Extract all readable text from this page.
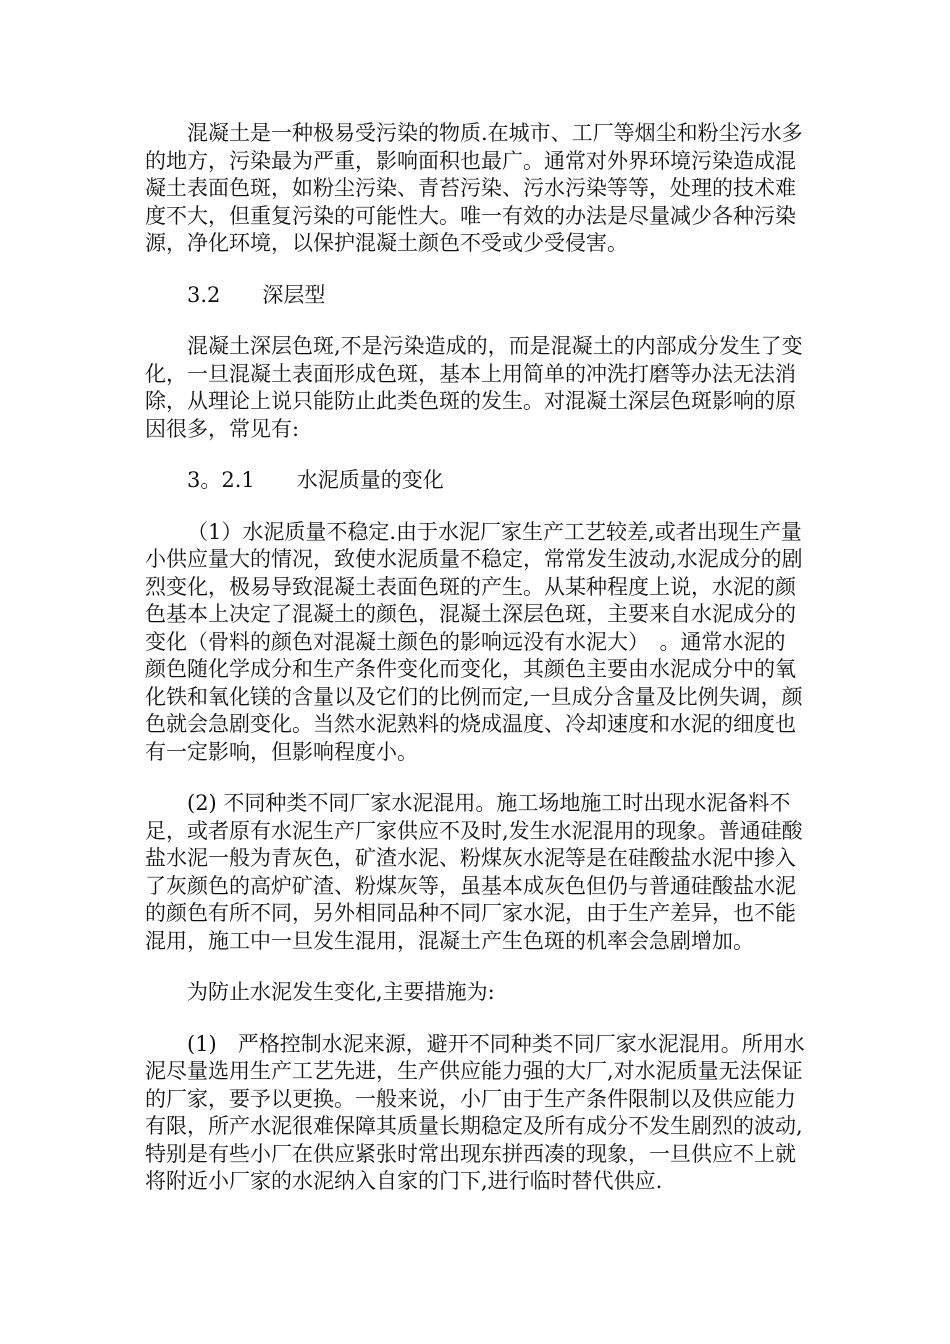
混凝土是一种极易受污染的物质.在城市、工厂等烟尘和粉尘污水多的地方，污染最为严重，影响面积也最广。通常对外界环境污染造成混凝土表面色斑，如粉尘污染、青苔污染、污水污染等等，处理的技术难度不大，但重复污染的可能性大。唯一有效的办法是尽量减少各种污染源，净化环境，以保护混凝土颜色不受或少受侵害。

3.2　　深层型

混凝土深层色斑,不是污染造成的，而是混凝土的内部成分发生了变化，一旦混凝土表面形成色斑，基本上用简单的冲洗打磨等办法无法消除，从理论上说只能防止此类色斑的发生。对混凝土深层色斑影响的原因很多，常见有:

3。2.1　　水泥质量的变化

（1）水泥质量不稳定.由于水泥厂家生产工艺较差,或者出现生产量小供应量大的情况，致使水泥质量不稳定，常常发生波动,水泥成分的剧烈变化，极易导致混凝土表面色斑的产生。从某种程度上说，水泥的颜色基本上决定了混凝土的颜色，混凝土深层色斑，主要来自水泥成分的变化（骨料的颜色对混凝土颜色的影响远没有水泥大）　。通常水泥的颜色随化学成分和生产条件变化而变化，其颜色主要由水泥成分中的氧化铁和氧化镁的含量以及它们的比例而定,一旦成分含量及比例失调，颜色就会急剧变化。当然水泥熟料的烧成温度、冷却速度和水泥的细度也有一定影响，但影响程度小。

(2) 不同种类不同厂家水泥混用。施工场地施工时出现水泥备料不足，或者原有水泥生产厂家供应不及时,发生水泥混用的现象。普通硅酸盐水泥一般为青灰色，矿渣水泥、粉煤灰水泥等是在硅酸盐水泥中掺入了灰颜色的高炉矿渣、粉煤灰等，虽基本成灰色但仍与普通硅酸盐水泥的颜色有所不同，另外相同品种不同厂家水泥，由于生产差异，也不能混用，施工中一旦发生混用，混凝土产生色斑的机率会急剧增加。

为防止水泥发生变化,主要措施为:

(1)　严格控制水泥来源，避开不同种类不同厂家水泥混用。所用水泥尽量选用生产工艺先进，生产供应能力强的大厂,对水泥质量无法保证的厂家，要予以更换。一般来说，小厂由于生产条件限制以及供应能力有限，所产水泥很难保障其质量长期稳定及所有成分不发生剧烈的波动,特别是有些小厂在供应紧张时常出现东拼西凑的现象，一旦供应不上就将附近小厂家的水泥纳入自家的门下,进行临时替代供应.
